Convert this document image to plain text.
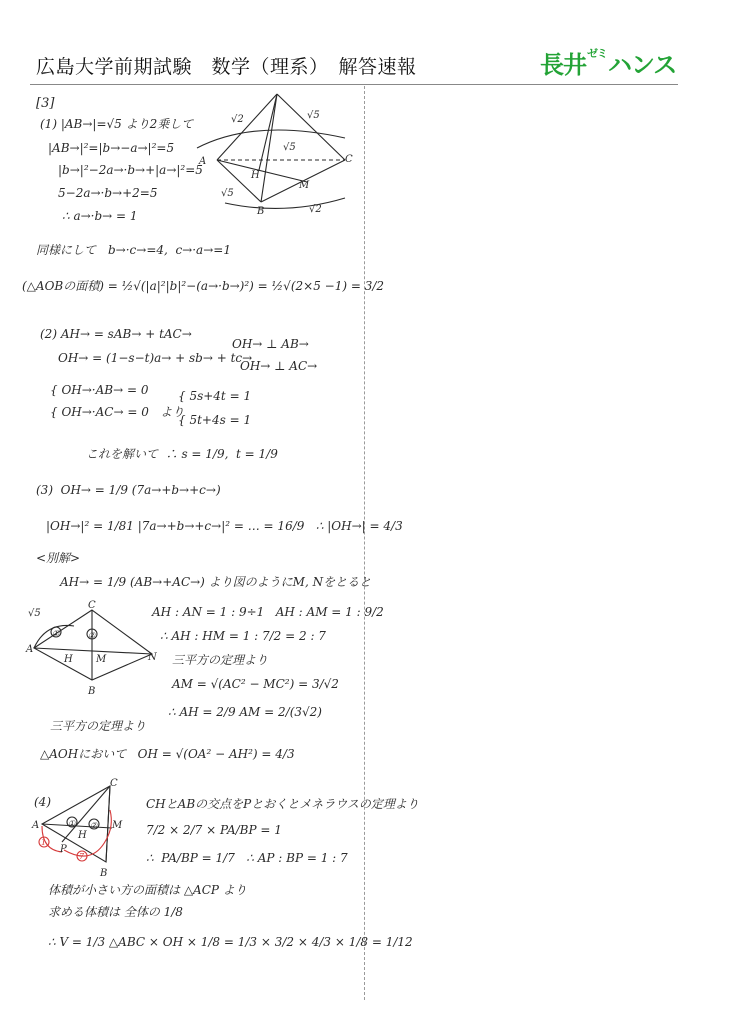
広島大学前期試験　数学（理系）　解答速報	長井$^{ゼミ}$ハンス

[3]

(1) |AB→|=√5 より2乗して

|AB→|²=|b→−a→|²=5

|b→|²−2a→·b→+|a→|²=5

5−2a→·b→+2=5

∴ a→·b→ = 1

同様にして　b→·c→=4,  c→·a→=1

(△AOBの面積) = ½√(|a|²|b|²−(a→·b→)²) = ½√(2×5 −1) = 3/2

A
B
C
H
M
√2	√5
√5
√5
√2

(2) AH→ = sAB→ + tAC→

OH→ = (1−s−t)a→ + sb→ + tc→

OH→ ⊥ AB→

OH→ ⊥ AC→

{ OH→·AB→ = 0

{ OH→·AC→ = 0   より

{ 5s+4t = 1

{ 5t+4s = 1

これを解いて  ∴ s = 1/9,  t = 1/9

(3)  OH→ = 1/9 (7a→+b→+c→)

|OH→|² = 1/81 |7a→+b→+c→|² = … = 16/9   ∴ |OH→| = 4/3

<別解>

AH→ = 1/9 (AB→+AC→) より図のようにM, Nをとると

AH : AN = 1 : 9÷1   AH : AM = 1 : 9/2

∴ AH : HM = 1 : 7/2 = 2 : 7

三平方の定理より

AM = √(AC² − MC²) = 3/√2

∴ AH = 2/9 AM = 2/(3√2)

三平方の定理より

△AOHにおいて   OH = √(OA² − AH²) = 4/3

A
B
C
H M	N
√5
①	②

(4)

A
B
C
H
M
P
① ②
1
7

CHとABの交点をPとおくとメネラウスの定理より

7/2 × 2/7 × PA/BP = 1

∴  PA/BP = 1/7   ∴ AP : BP = 1 : 7

体積が小さい方の面積は △ACP より

求める体積は 全体の 1/8

∴ V = 1/3 △ABC × OH × 1/8 = 1/3 × 3/2 × 4/3 × 1/8 = 1/12
